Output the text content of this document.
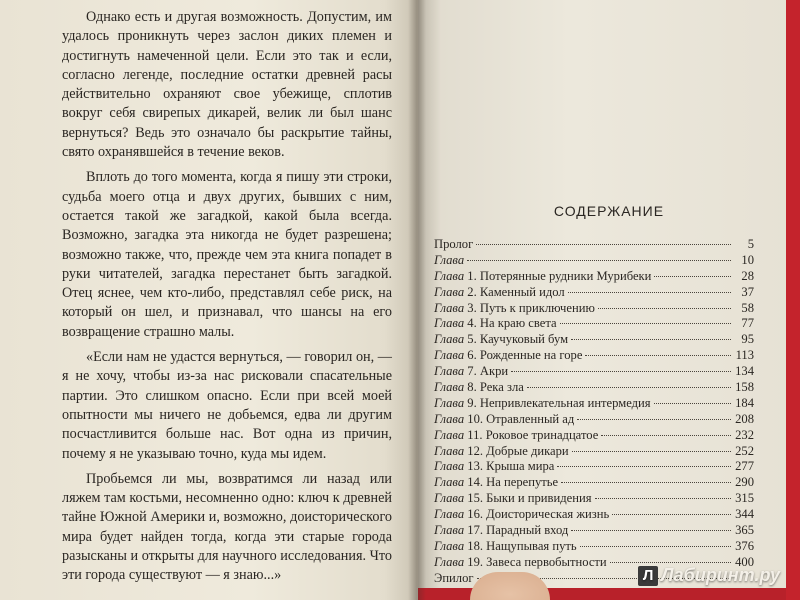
Однако есть и другая возможность. Допустим, им удалось проникнуть через заслон диких племен и достигнуть намеченной цели. Если это так и если, согласно легенде, последние остатки древней расы действительно охраняют свое убежище, сплотив вокруг себя свирепых дикарей, велик ли был шанс вернуться? Ведь это означало бы раскрытие тайны, свято охранявшейся в течение веков.

Вплоть до того момента, когда я пишу эти строки, судьба моего отца и двух других, бывших с ним, остается такой же загадкой, какой была всегда. Возможно, загадка эта никогда не будет разрешена; возможно также, что, прежде чем эта книга попадет в руки читателей, загадка перестанет быть загадкой. Отец яснее, чем кто-либо, представлял себе риск, на который он шел, и признавал, что шансы на его возвращение страшно малы.

«Если нам не удастся вернуться, — говорил он, — я не хочу, чтобы из-за нас рисковали спасательные партии. Это слишком опасно. Если при всей моей опытности мы ничего не добьемся, едва ли другим посчастливится больше нас. Вот одна из причин, почему я не указываю точно, куда мы идем.

Пробьемся ли мы, возвратимся ли назад или ляжем там костьми, несомненно одно: ключ к древней тайне Южной Америки и, возможно, доисторического мира будет найден тогда, когда эти старые города разысканы и открыты для научного исследования. Что эти города существуют — я знаю...»

СОДЕРЖАНИЕ
Пролог	5
Глава	10
Глава 1. Потерянные рудники Мурибеки	28
Глава 2. Каменный идол	37
Глава 3. Путь к приключению	58
Глава 4. На краю света	77
Глава 5. Каучуковый бум	95
Глава 6. Рожденные на горе	113
Глава 7. Акри	134
Глава 8. Река зла	158
Глава 9. Непривлекательная интермедия	184
Глава 10. Отравленный ад	208
Глава 11. Роковое тринадцатое	232
Глава 12. Добрые дикари	252
Глава 13. Крыша мира	277
Глава 14. На перепутье	290
Глава 15. Быки и привидения	315
Глава 16. Доисторическая жизнь	344
Глава 17. Парадный вход	365
Глава 18. Нащупывая путь	376
Глава 19. Завеса первобытности	400
Эпилог	Л Лабиринт.ру
